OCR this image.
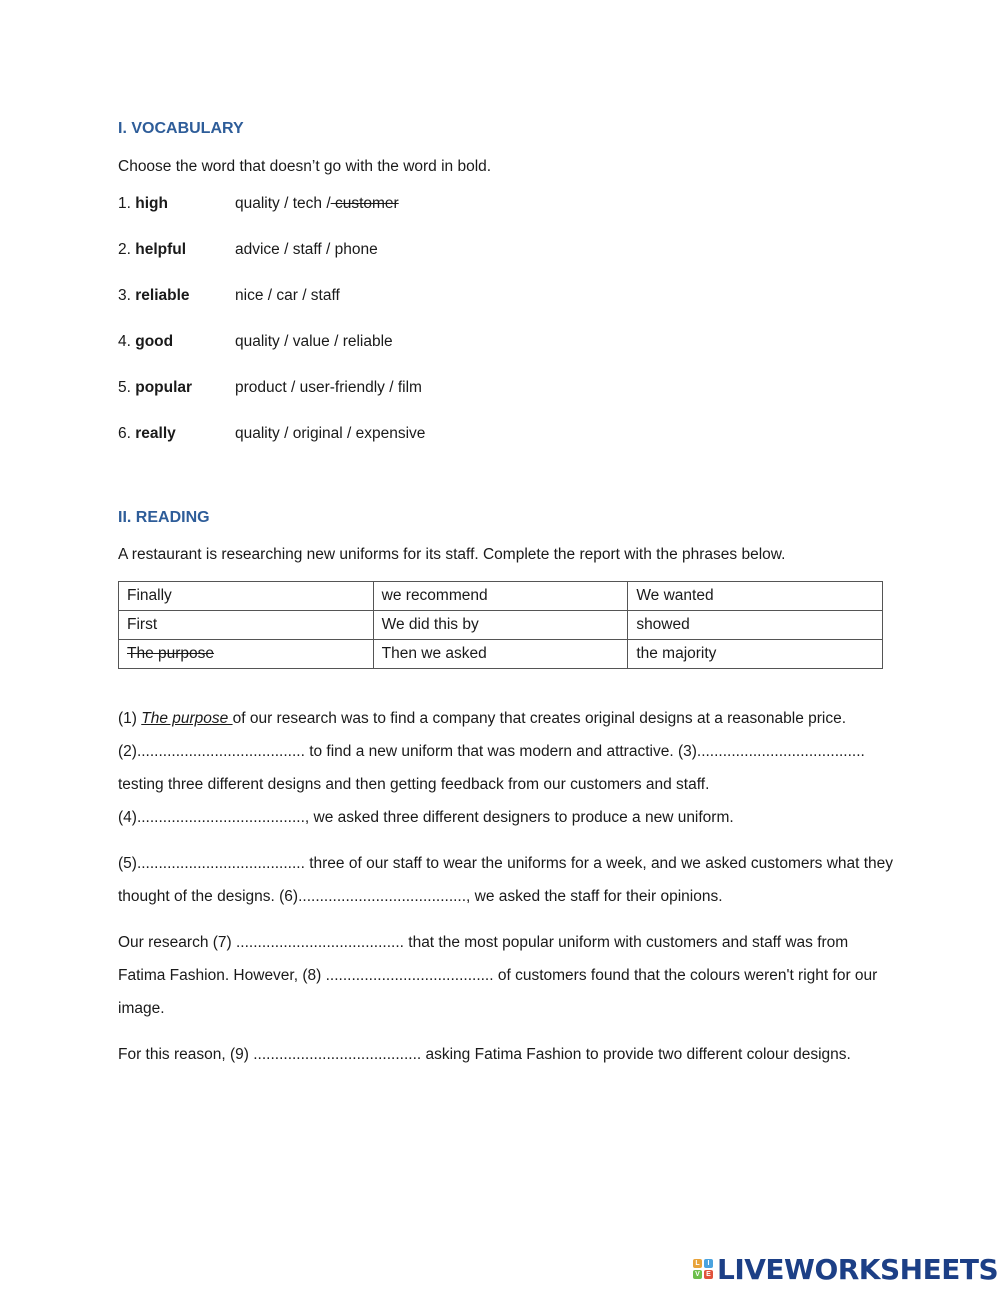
I. VOCABULARY
Choose the word that doesn’t go with the word in bold.
1. high	quality / tech / customer
2. helpful	advice / staff / phone
3. reliable	nice / car / staff
4. good	quality / value / reliable
5. popular	product / user-friendly / film
6. really	quality / original / expensive
II. READING
A restaurant is researching new uniforms for its staff. Complete the report with the phrases below.
Finally	we recommend	We wanted
First	We did this by	showed
The purpose	Then we asked	the majority
(1) The purpose of our research was to find a company that creates original designs at a reasonable price. (2)....................................... to find a new uniform that was modern and attractive. (3)....................................... testing three different designs and then getting feedback from our customers and staff. (4)......................................., we asked three different designers to produce a new uniform.
(5)....................................... three of our staff to wear the uniforms for a week, and we asked customers what they thought of the designs. (6)......................................., we asked the staff for their opinions.
Our research (7) ....................................... that the most popular uniform with customers and staff was from Fatima Fashion. However, (8) ....................................... of customers found that the colours weren't right for our image.
For this reason, (9) ....................................... asking Fatima Fashion to provide two different colour designs.
L	I
V E LIVEWORKSHEETS
